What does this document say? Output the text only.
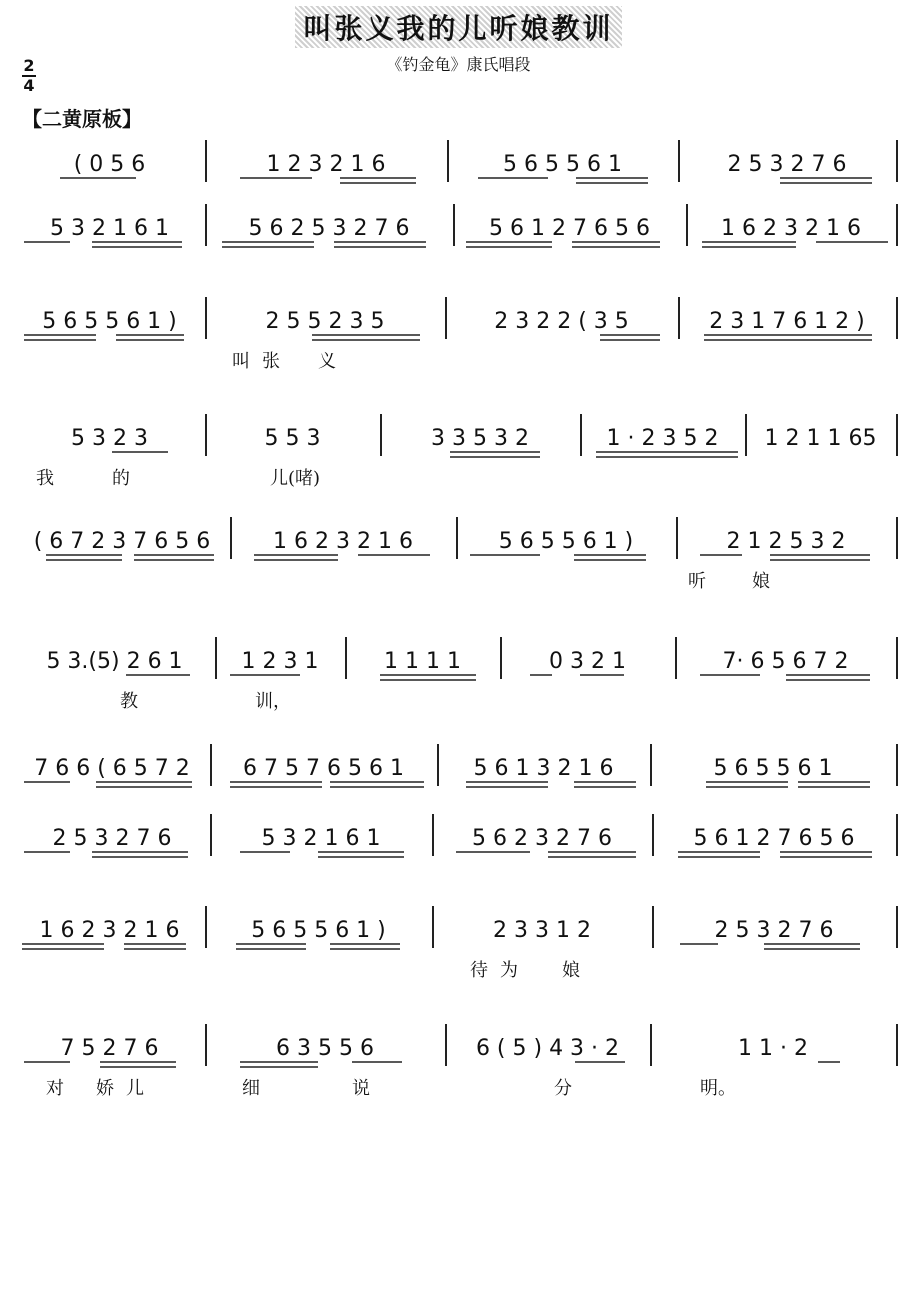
叫张义我的儿听娘教训
《钓金龟》康氏唱段
2
4
【二黄原板】
( 0 5 6	1 2 3 2 1 6	5 6 5 5 6 1	2 5 3 2 7 6
5 3 2 1 6 1	5 6 2 5 3 2 7 6	5 6 1 2 7 6 5 6	1 6 2 3 2 1 6
5 6 5 5 6 1 )	2 5 5 2 3 5	2 3 2 2 ( 3 5	2 3 1 7 6 1 2 )
叫 张 义
5 3 2 3	5 5 3	3 3 5 3 2	1 · 2 3 5 2	1 2 1 1 65
我	的	儿(啫)
( 6 7 2 3 7 6 5 6	1 6 2 3 2 1 6	5 6 5 5 6 1 )	2 1 2 5 3 2
听	娘
5 3.(5) 2 6 1	1 2 3 1	1 1 1 1	0 3 2 1	7· 6 5 6 7 2
教	训，
7 6 6 ( 6 5 7 2	6 7 5 7 6 5 6 1	5 6 1 3 2 1 6	5 6 5 5 6 1
2 5 3 2 7 6	5 3 2 1 6 1	5 6 2 3 2 7 6	5 6 1 2 7 6 5 6
1 6 2 3 2 1 6	5 6 5 5 6 1 )	2 3 3 1 2	2 5 3 2 7 6
待 为 娘
7 5 2 7 6	6 3 5 5 6	6 ( 5 ) 4 3 · 2	1 1 · 2
对 娇 儿	细	说	分	明。
